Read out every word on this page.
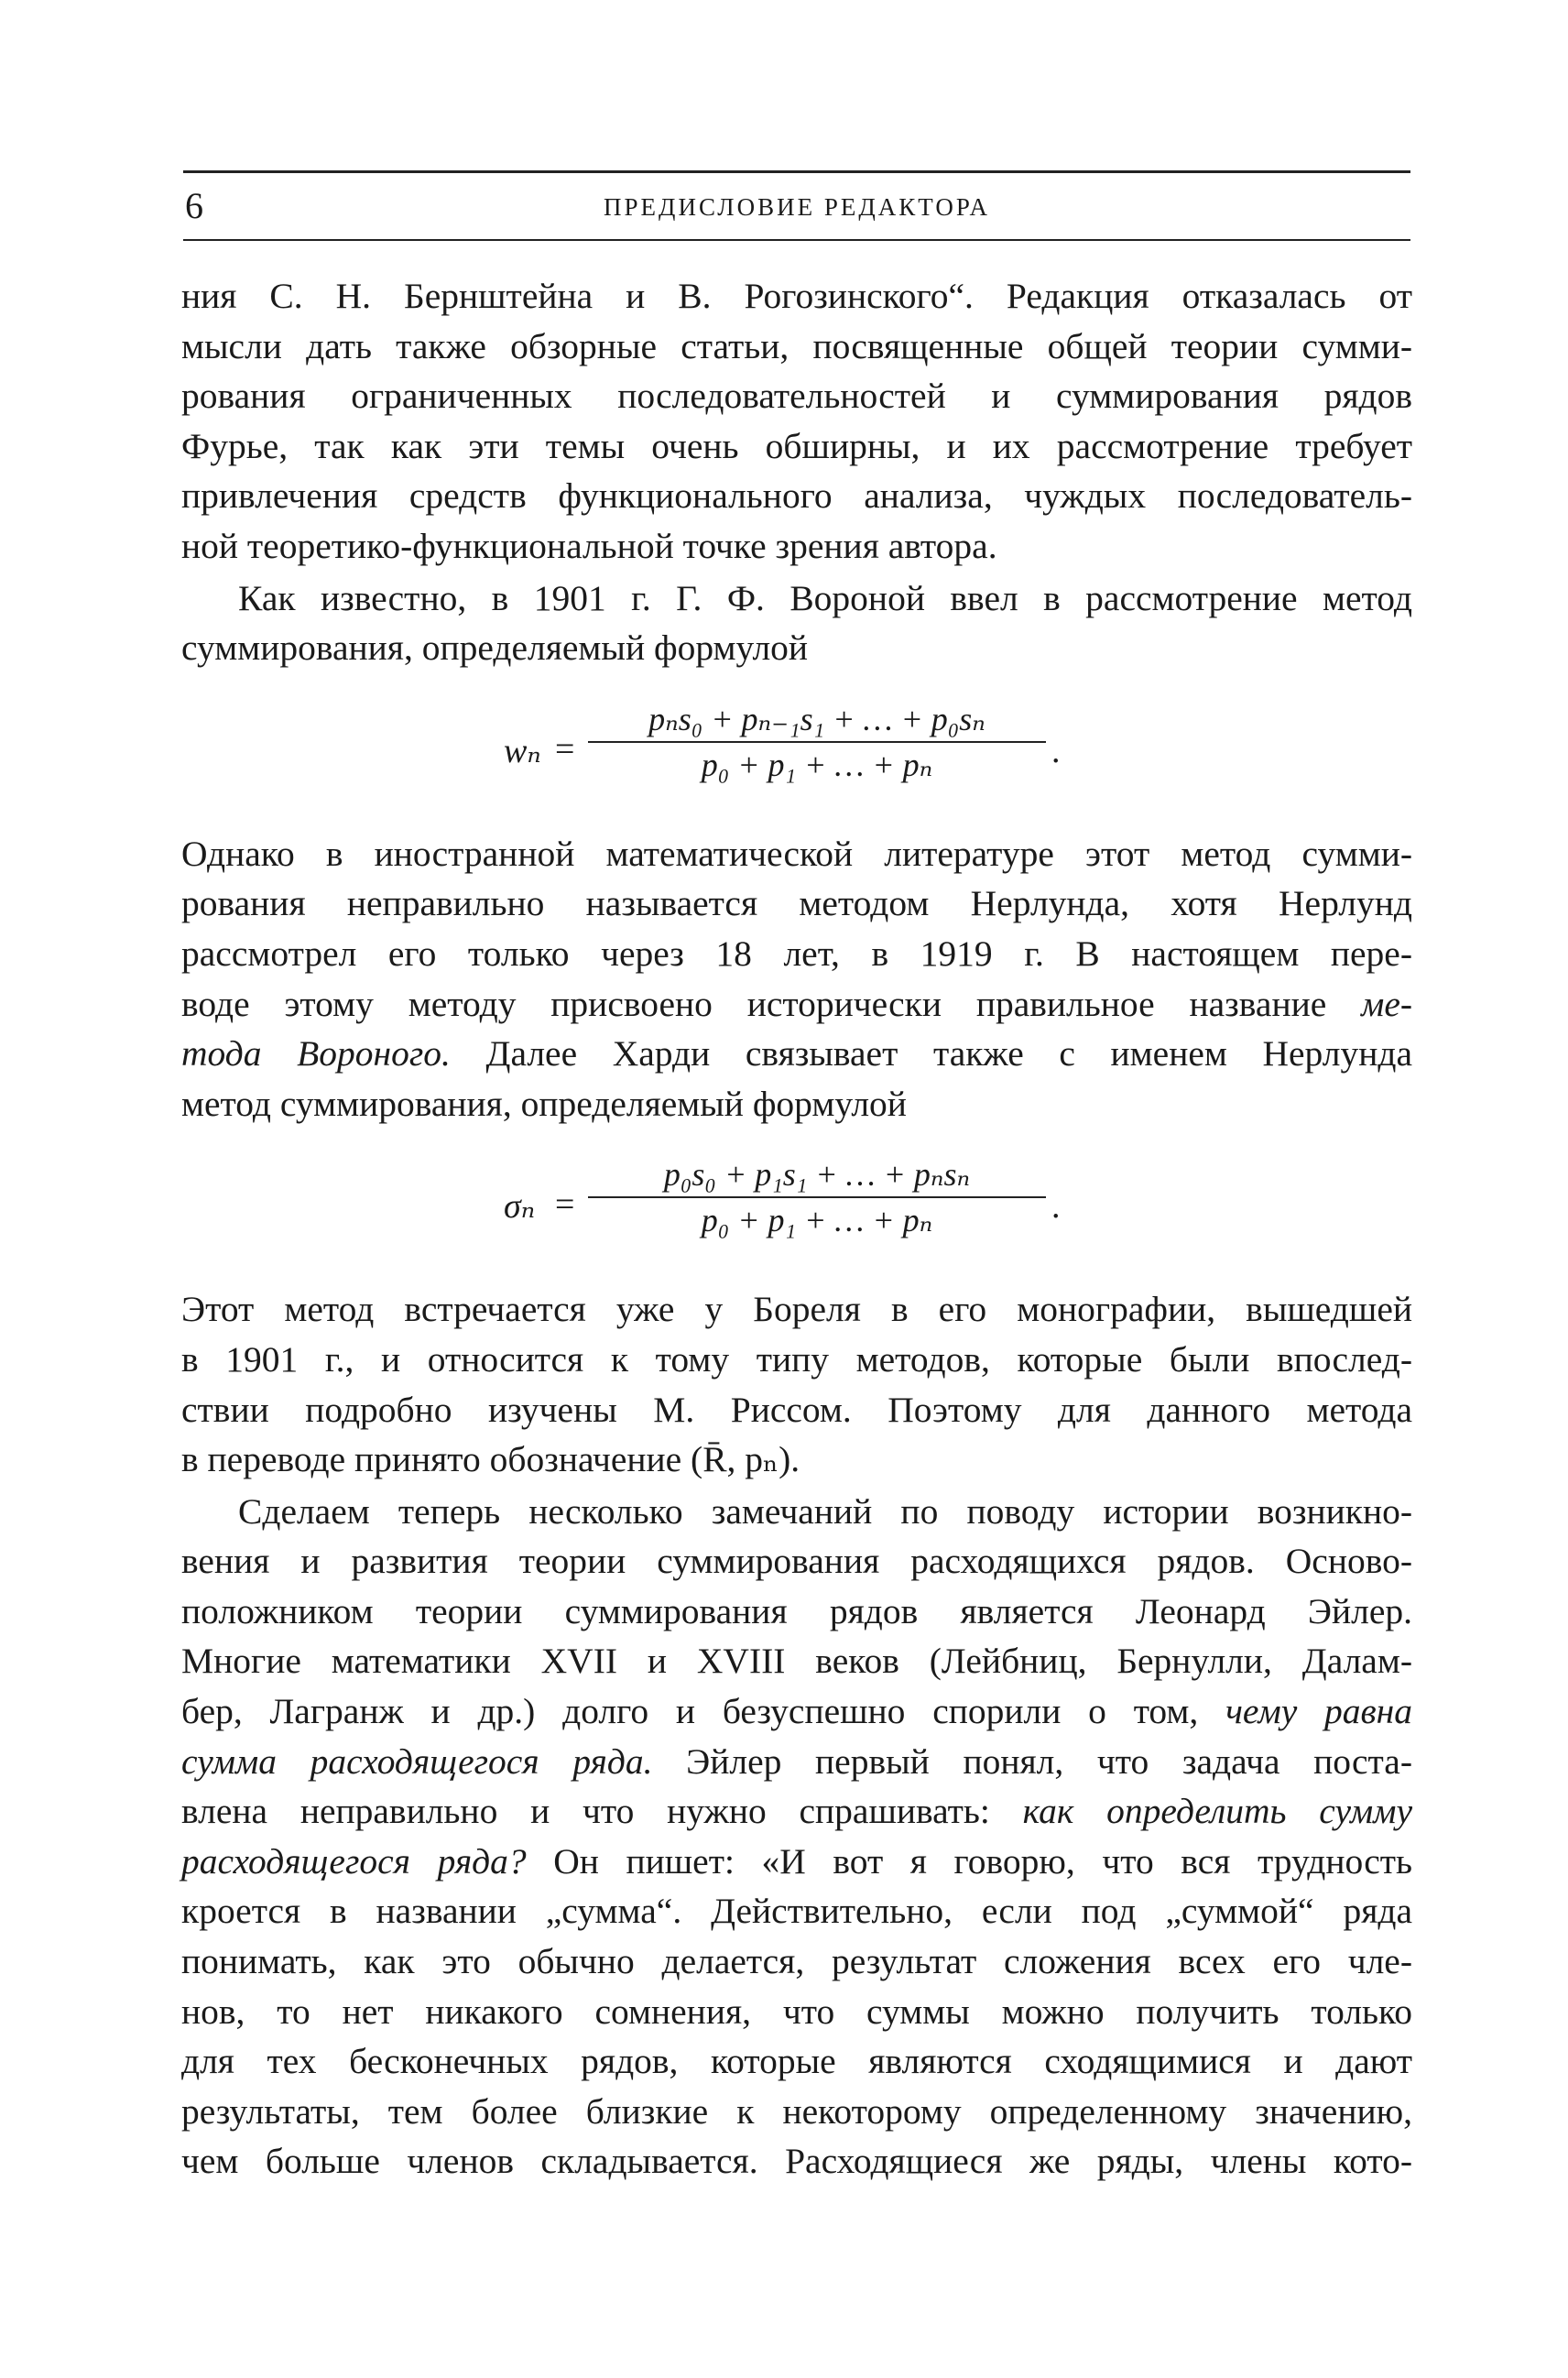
6	ПРЕДИСЛОВИЕ РЕДАКТОРА

ния С. Н. Бернштейна и В. Рогозинского“. Редакция отказалась от
мысли дать также обзорные статьи, посвященные общей теории сумми-
рования ограниченных последовательностей и суммирования рядов
Фурье, так как эти темы очень обширны, и их рассмотрение требует
привлечения средств функционального анализа, чуждых последователь-
ной теоретико-функциональной точке зрения автора.

Как известно, в 1901 г. Г. Ф. Вороной ввел в рассмотрение метод
суммирования, определяемый формулой

wₙ =
pₙs₀ + pₙ₋₁s₁ + … + p₀sₙ
p₀ + p₁ + … + pₙ	.

Однако в иностранной математической литературе этот метод сумми-
рования неправильно называется методом Нерлунда, хотя Нерлунд
рассмотрел его только через 18 лет, в 1919 г. В настоящем пере-
воде этому методу присвоено исторически правильное название ме-
тода Вороного. Далее Харди связывает также с именем Нерлунда
метод суммирования, определяемый формулой

σₙ =
p₀s₀ + p₁s₁ + … + pₙsₙ
p₀ + p₁ + … + pₙ	.

Этот метод встречается уже у Бореля в его монографии, вышедшей
в 1901 г., и относится к тому типу методов, которые были впослед-
ствии подробно изучены М. Риссом. Поэтому для данного метода
в переводе принято обозначение (R̄, pₙ).

Сделаем теперь несколько замечаний по поводу истории возникно-
вения и развития теории суммирования расходящихся рядов. Осново-
положником теории суммирования рядов является Леонард Эйлер.
Многие математики XVII и XVIII веков (Лейбниц, Бернулли, Далам-
бер, Лагранж и др.) долго и безуспешно спорили о том, чему равна
сумма расходящегося ряда. Эйлер первый понял, что задача поста-
влена неправильно и что нужно спрашивать: как определить сумму
расходящегося ряда? Он пишет: «И вот я говорю, что вся трудность
кроется в названии „сумма“. Действительно, если под „суммой“ ряда
понимать, как это обычно делается, результат сложения всех его чле-
нов, то нет никакого сомнения, что суммы можно получить только
для тех бесконечных рядов, которые являются сходящимися и дают
результаты, тем более близкие к некоторому определенному значению,
чем больше членов складывается. Расходящиеся же ряды, члены кото-
